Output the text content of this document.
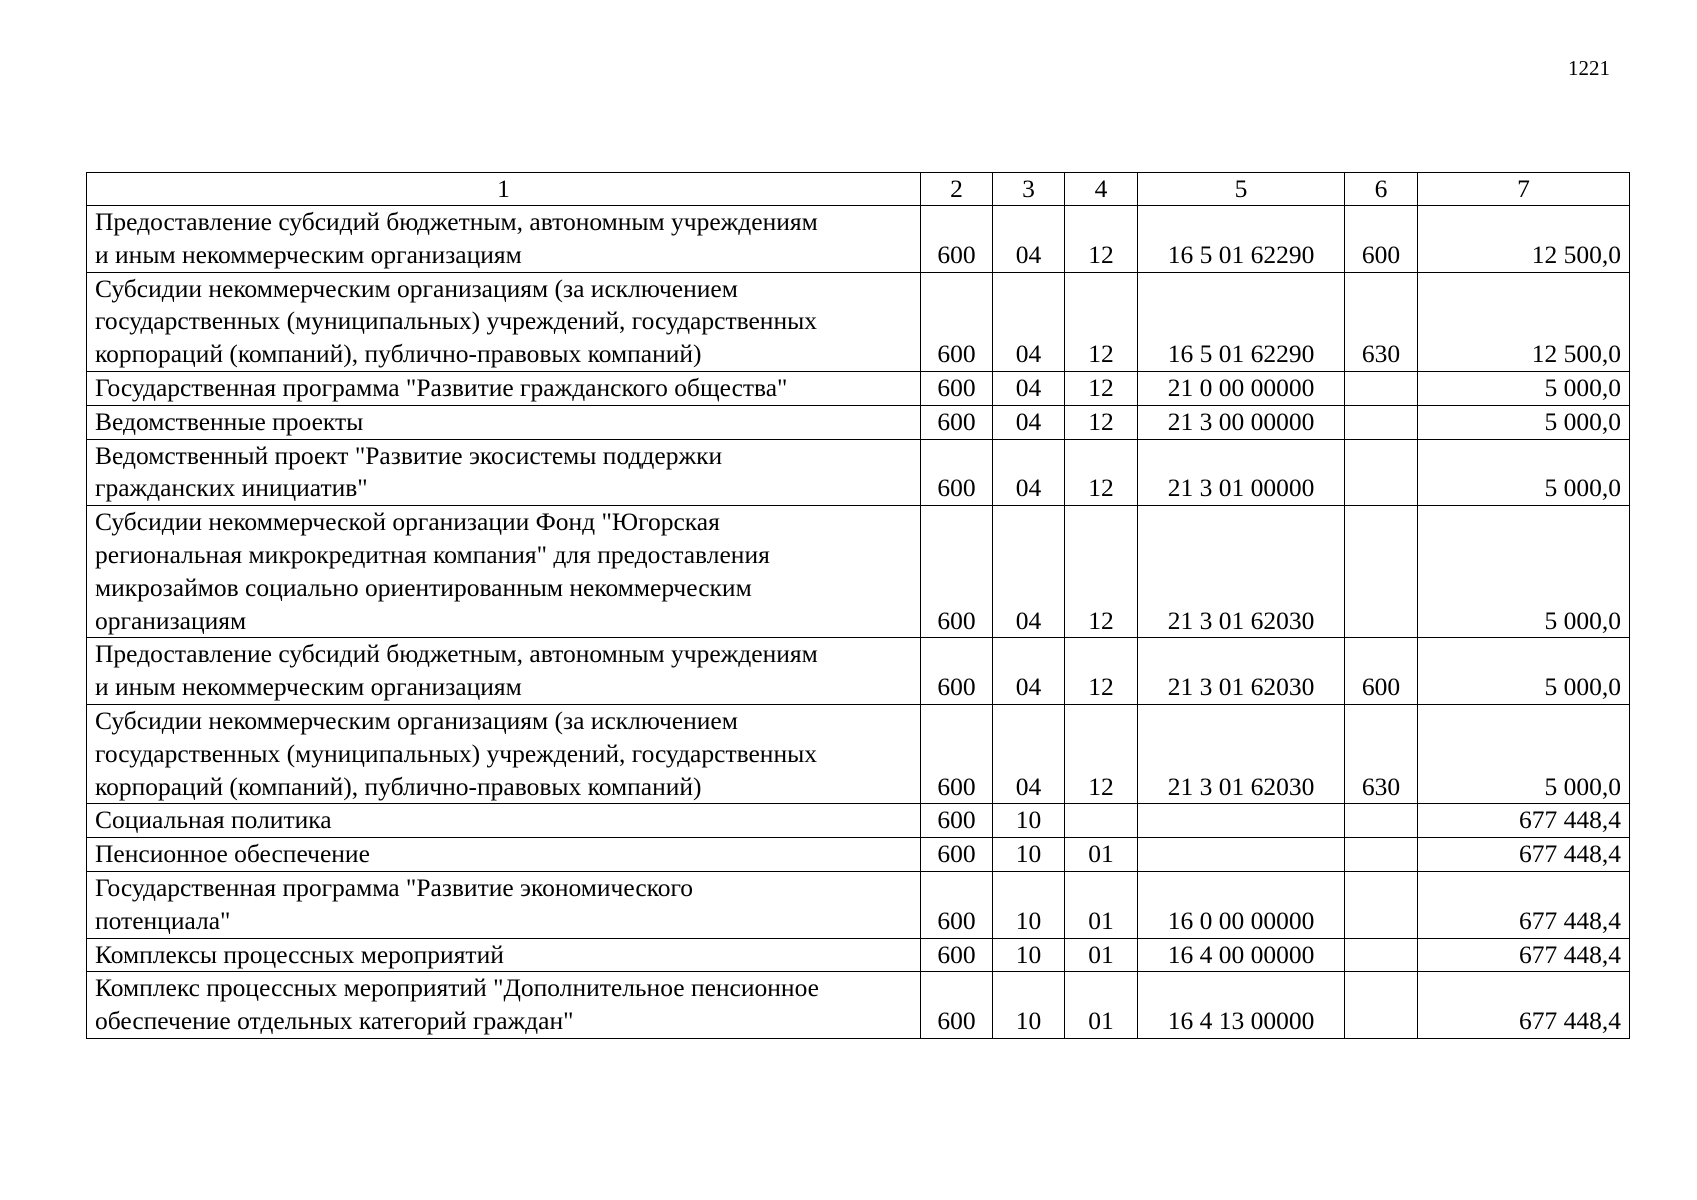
1221
1	2	3	4	5	6	7

Предоставление субсидий бюджетным, автономным учреждениям
и иным некоммерческим организациям	600	04	12	16 5 01 62290	600	12 500,0

Субсидии некоммерческим организациям (за исключением
государственных (муниципальных) учреждений, государственных
корпораций (компаний), публично-правовых компаний)	600	04	12	16 5 01 62290	630	12 500,0

Государственная программа "Развитие гражданского общества"	600	04	12	21 0 00 00000		5 000,0

Ведомственные проекты	600	04	12	21 3 00 00000		5 000,0

Ведомственный проект "Развитие экосистемы поддержки
гражданских инициатив"	600	04	12	21 3 01 00000		5 000,0

Субсидии некоммерческой организации Фонд "Югорская
региональная микрокредитная компания" для предоставления
микрозаймов социально ориентированным некоммерческим
организациям	600	04	12	21 3 01 62030		5 000,0

Предоставление субсидий бюджетным, автономным учреждениям
и иным некоммерческим организациям	600	04	12	21 3 01 62030	600	5 000,0

Субсидии некоммерческим организациям (за исключением
государственных (муниципальных) учреждений, государственных
корпораций (компаний), публично-правовых компаний)	600	04	12	21 3 01 62030	630	5 000,0

Социальная политика	600	10				677 448,4

Пенсионное обеспечение	600	10	01			677 448,4

Государственная программа "Развитие экономического
потенциала"	600	10	01	16 0 00 00000		677 448,4

Комплексы процессных мероприятий	600	10	01	16 4 00 00000		677 448,4

Комплекс процессных мероприятий "Дополнительное пенсионное
обеспечение отдельных категорий граждан"	600	10	01	16 4 13 00000		677 448,4
